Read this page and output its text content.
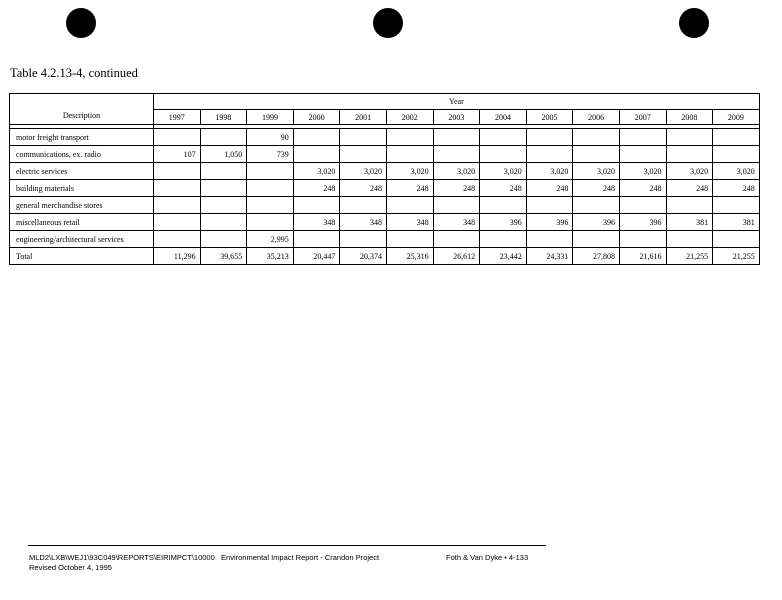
Table 4.2.13-4, continued
Description	Year												
	1997	1998	1999	2000	2001	2002	2003	2004	2005	2006	2007	2008	2009

motor freight transport			90										
communications, ex. radio	107	1,050	739										
electric services				3,020	3,020	3,020	3,020	3,020	3,020	3,020	3,020	3,020	3,020
building materials				248	248	248	248	248	248	248	248	248	248
general merchandise stores													
miscellaneous retail				348	348	348	348	396	396	396	396	381	381
engineering/architectural services			2,995										
Total	11,296	39,655	35,213	20,447	20,374	25,316	26,612	23,442	24,331	27,808	21,616	21,255	21,255
MLD2\LXB\WEJ1\93C049\REPORTS\EIRIMPCT\10000 Environmental Impact Report - Crandon Project
Revised October 4, 1995
Foth & Van Dyke • 4-133
